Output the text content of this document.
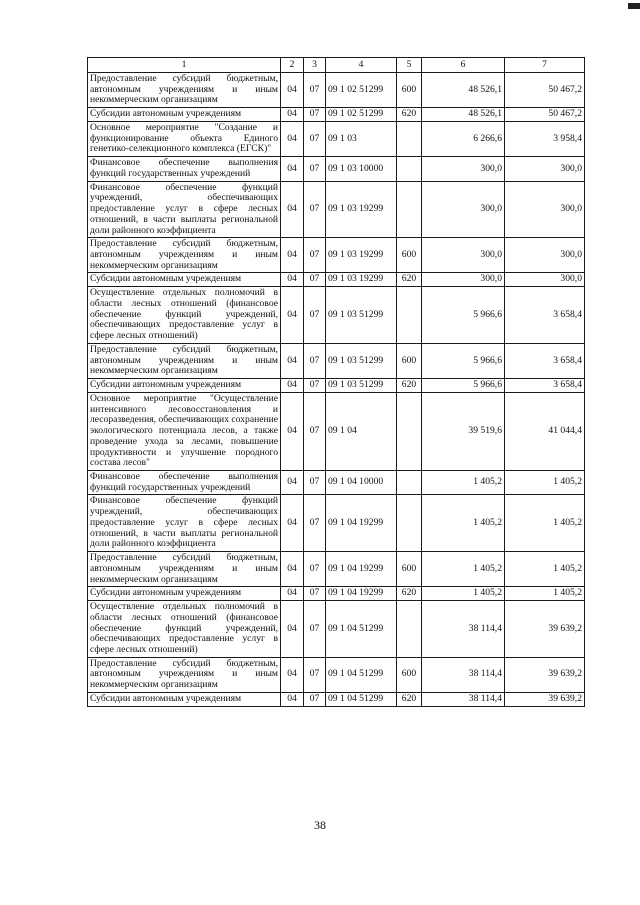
1	2	3	4	5	6	7
Предоставление субсидий бюджетным, автономным учреждениям и иным некоммерческим организациям	04	07	09 1 02 51299	600	48 526,1	50 467,2
Субсидии автономным учреждениям	04	07	09 1 02 51299	620	48 526,1	50 467,2
Основное мероприятие "Создание и функционирование объекта Единого генетико-селекционного комплекса (ЕГСК)"	04	07	09 1 03		6 266,6	3 958,4
Финансовое обеспечение выполнения функций государственных учреждений	04	07	09 1 03 10000		300,0	300,0
Финансовое обеспечение функций учреждений, обеспечивающих предоставление услуг в сфере лесных отношений, в части выплаты региональной доли районного коэффициента	04	07	09 1 03 19299		300,0	300,0
Предоставление субсидий бюджетным, автономным учреждениям и иным некоммерческим организациям	04	07	09 1 03 19299	600	300,0	300,0
Субсидии автономным учреждениям	04	07	09 1 03 19299	620	300,0	300,0
Осуществление отдельных полномочий в области лесных отношений (финансовое обеспечение функций учреждений, обеспечивающих предоставление услуг в сфере лесных отношений)	04	07	09 1 03 51299		5 966,6	3 658,4
Предоставление субсидий бюджетным, автономным учреждениям и иным некоммерческим организациям	04	07	09 1 03 51299	600	5 966,6	3 658,4
Субсидии автономным учреждениям	04	07	09 1 03 51299	620	5 966,6	3 658,4
Основное мероприятие "Осуществление интенсивного лесовосстановления и лесоразведения, обеспечивающих сохранение экологического потенциала лесов, а также проведение ухода за лесами, повышение продуктивности и улучшение породного состава лесов"	04	07	09 1 04		39 519,6	41 044,4
Финансовое обеспечение выполнения функций государственных учреждений	04	07	09 1 04 10000		1 405,2	1 405,2
Финансовое обеспечение функций учреждений, обеспечивающих предоставление услуг в сфере лесных отношений, в части выплаты региональной доли районного коэффициента	04	07	09 1 04 19299		1 405,2	1 405,2
Предоставление субсидий бюджетным, автономным учреждениям и иным некоммерческим организациям	04	07	09 1 04 19299	600	1 405,2	1 405,2
Субсидии автономным учреждениям	04	07	09 1 04 19299	620	1 405,2	1 405,2
Осуществление отдельных полномочий в области лесных отношений (финансовое обеспечение функций учреждений, обеспечивающих предоставление услуг в сфере лесных отношений)	04	07	09 1 04 51299		38 114,4	39 639,2
Предоставление субсидий бюджетным, автономным учреждениям и иным некоммерческим организациям	04	07	09 1 04 51299	600	38 114,4	39 639,2
Субсидии автономным учреждениям	04	07	09 1 04 51299	620	38 114,4	39 639,2
38
